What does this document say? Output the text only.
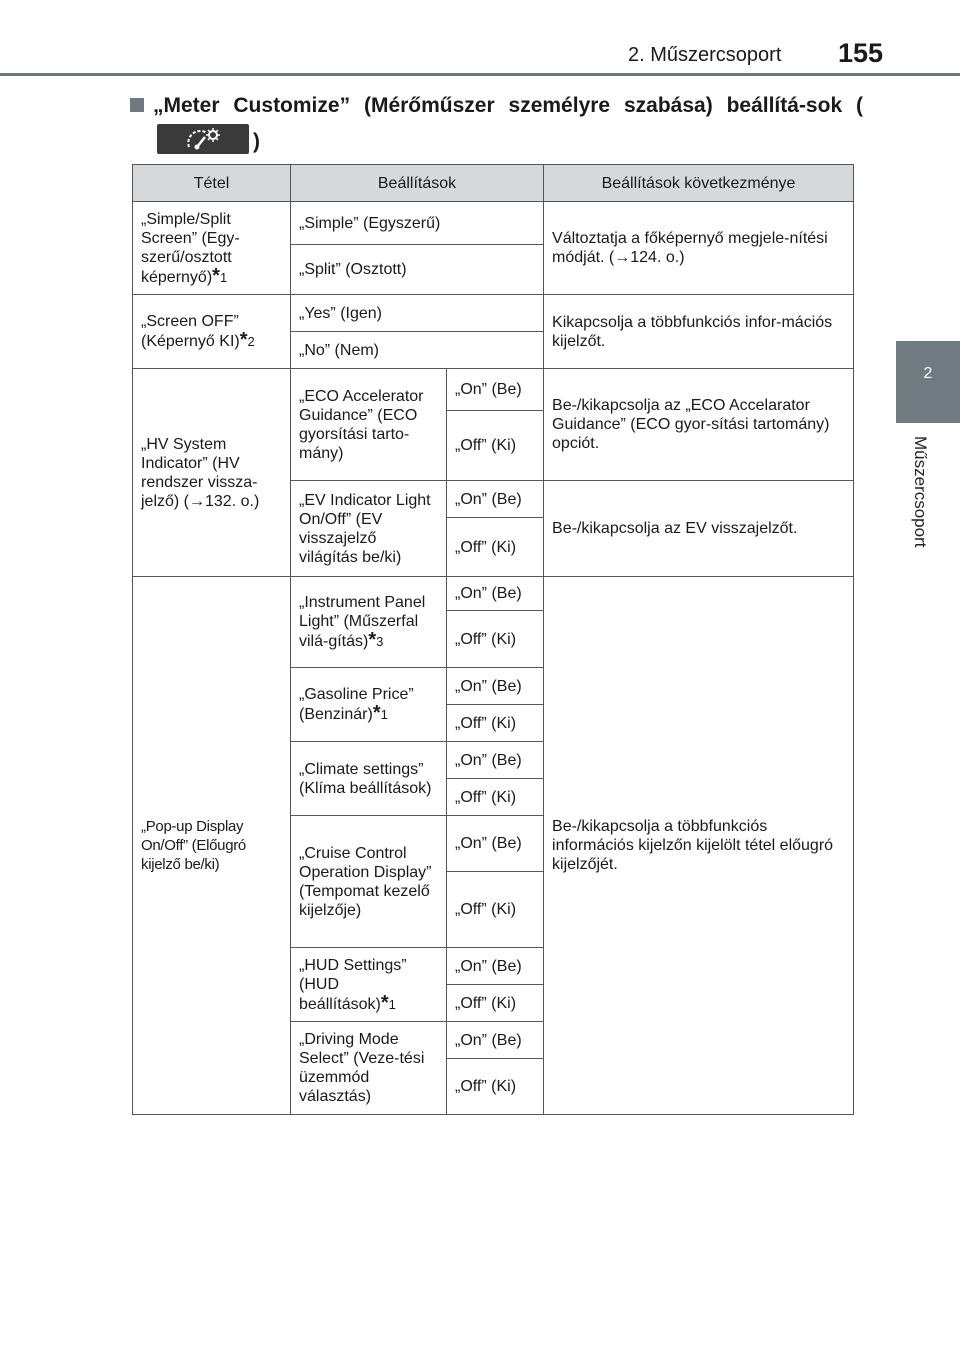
2. Műszercsoport 155
2
Műszercsoport
„Meter Customize” (Mérőműszer személyre szabása) beállítá-sok (
)
Tétel	Beállítások		Beállítások következménye
„Simple/Split Screen” (Egy-szerű/osztott képernyő)*1	„Simple” (Egyszerű)		Változtatja a főképernyő megjele-nítési módját. (→124. o.)
	„Split” (Osztott)		
„Screen OFF” (Képernyő KI)*2	„Yes” (Igen)		Kikapcsolja a többfunkciós infor-mációs kijelzőt.
	„No” (Nem)		
„HV System Indicator” (HV rendszer vissza-jelző) (→132. o.)	„ECO Accelerator Guidance” (ECO gyorsítási tarto-mány)	„On” (Be)	Be-/kikapcsolja az „ECO Accelarator Guidance” (ECO gyor-sítási tartomány) opciót.
		„Off” (Ki)	
	„EV Indicator Light On/Off” (EV visszajelző világítás be/ki)	„On” (Be)	Be-/kikapcsolja az EV visszajelzőt.
		„Off” (Ki)	
„Pop-up Display On/Off” (Előugró kijelző be/ki)	„Instrument Panel Light” (Műszerfal vilá-gítás)*3	„On” (Be)	Be-/kikapcsolja a többfunkciós információs kijelzőn kijelölt tétel előugró kijelzőjét.
		„Off” (Ki)	
	„Gasoline Price” (Benzinár)*1	„On” (Be)	
		„Off” (Ki)	
	„Climate settings” (Klíma beállítások)	„On” (Be)	
		„Off” (Ki)	
	„Cruise Control Operation Display” (Tempomat kezelő kijelzője)	„On” (Be)	
		„Off” (Ki)	
	„HUD Settings” (HUD beállítások)*1	„On” (Be)	
		„Off” (Ki)	
	„Driving Mode Select” (Veze-tési üzemmód választás)	„On” (Be)	
		„Off” (Ki)	
